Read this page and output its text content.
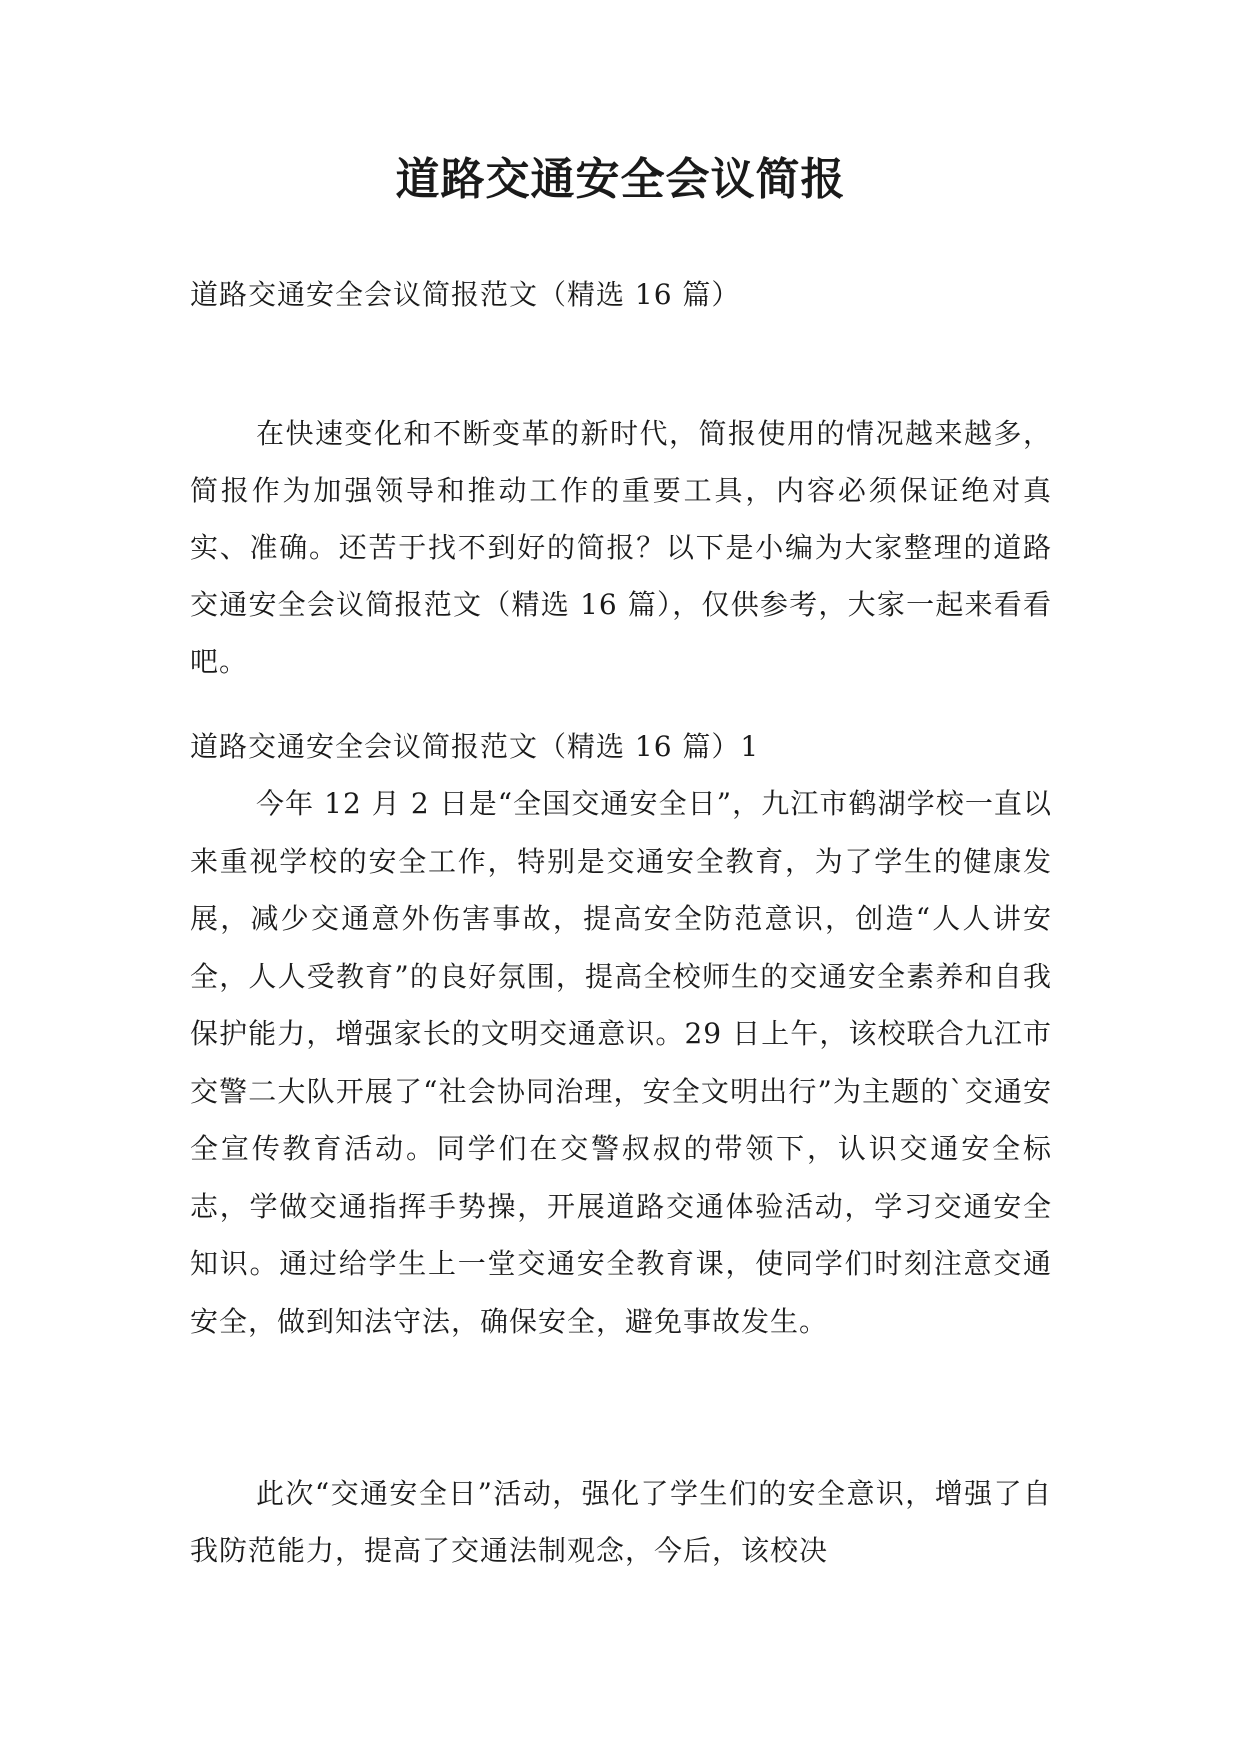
道路交通安全会议简报

道路交通安全会议简报范文（精选 16 篇）

在快速变化和不断变革的新时代，简报使用的情况越来越多，简报作为加强领导和推动工作的重要工具，内容必须保证绝对真实、准确。还苦于找不到好的简报？以下是小编为大家整理的道路交通安全会议简报范文（精选 16 篇），仅供参考，大家一起来看看吧。

道路交通安全会议简报范文（精选 16 篇）1

今年 12 月 2 日是“全国交通安全日”，九江市鹤湖学校一直以来重视学校的安全工作，特别是交通安全教育，为了学生的健康发展，减少交通意外伤害事故，提高安全防范意识，创造“人人讲安全，人人受教育”的良好氛围，提高全校师生的交通安全素养和自我保护能力，增强家长的文明交通意识。29 日上午，该校联合九江市交警二大队开展了“社会协同治理，安全文明出行”为主题的`交通安全宣传教育活动。同学们在交警叔叔的带领下，认识交通安全标志，学做交通指挥手势操，开展道路交通体验活动，学习交通安全知识。通过给学生上一堂交通安全教育课，使同学们时刻注意交通安全，做到知法守法，确保安全，避免事故发生。

此次“交通安全日”活动，强化了学生们的安全意识，增强了自我防范能力，提高了交通法制观念，今后，该校决
